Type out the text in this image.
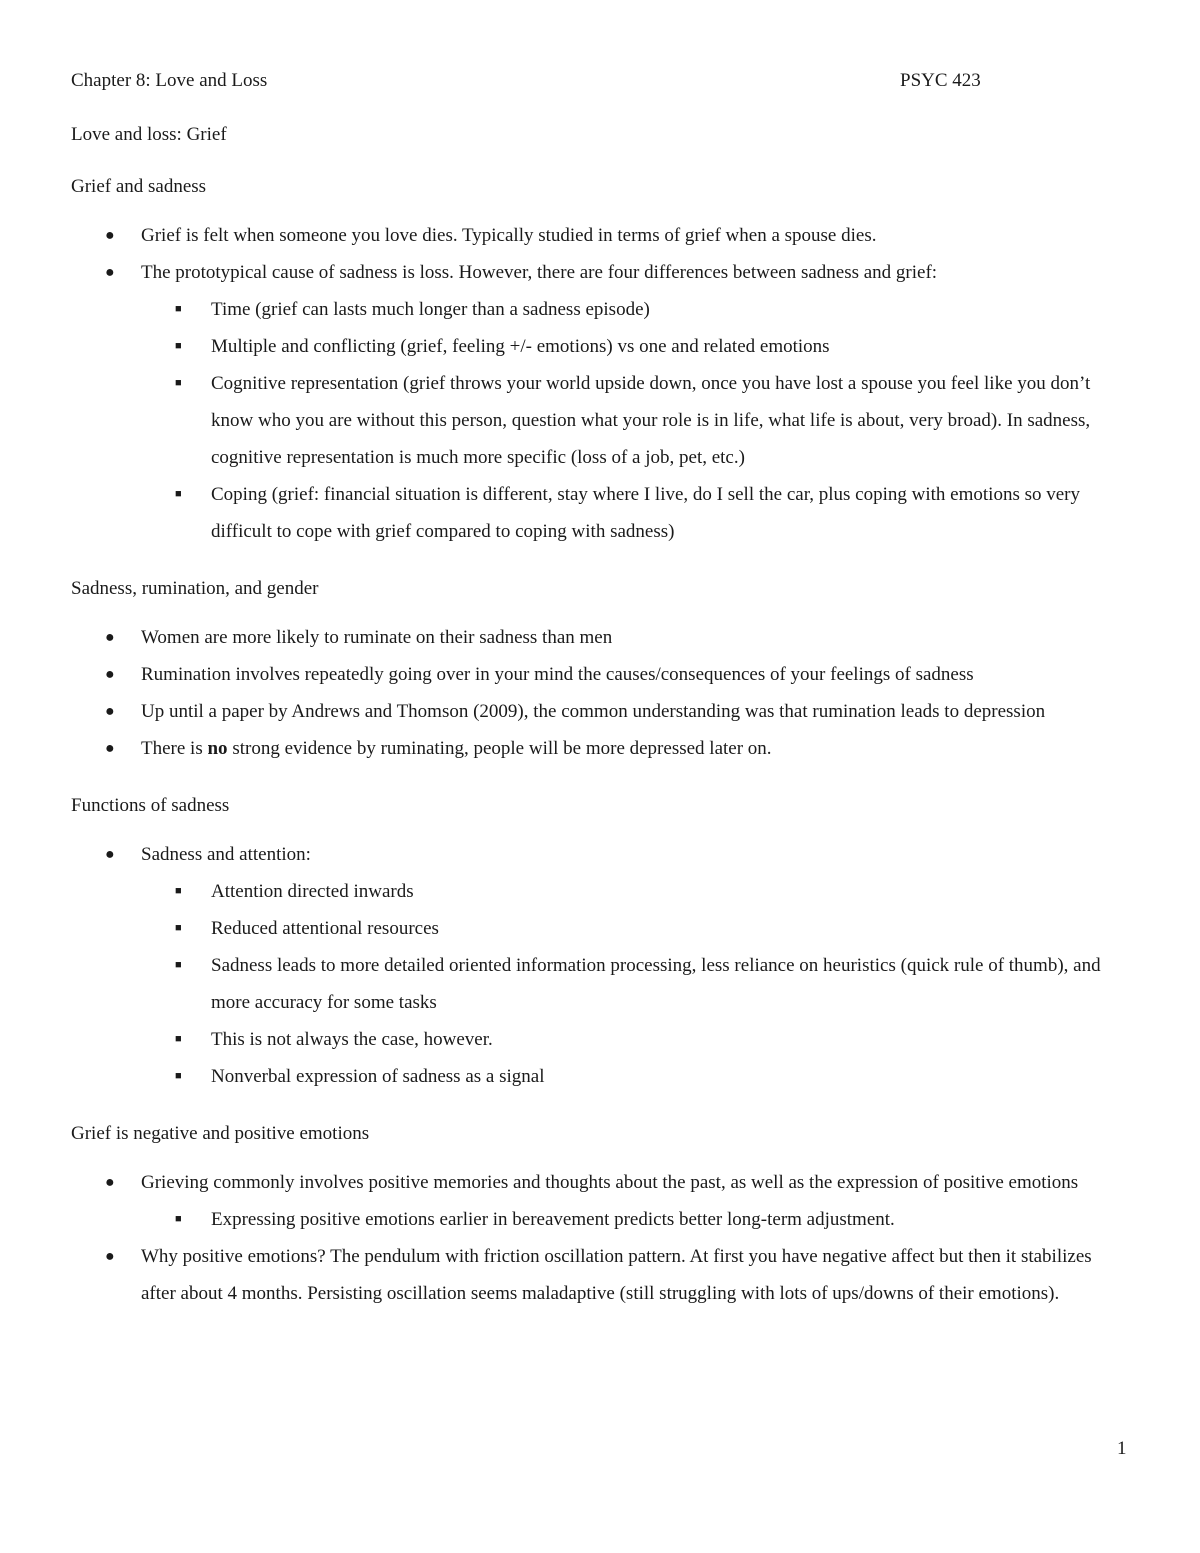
Chapter 8: Love and Loss	PSYC 423

Love and loss: Grief

Grief and sadness

● Grief is felt when someone you love dies. Typically studied in terms of grief when a spouse dies.
● The prototypical cause of sadness is loss. However, there are four differences between sadness and grief:
■ Time (grief can lasts much longer than a sadness episode)
■ Multiple and conflicting (grief, feeling +/- emotions) vs one and related emotions
■ Cognitive representation (grief throws your world upside down, once you have lost a spouse you feel like you don’t know who you are without this person, question what your role is in life, what life is about, very broad). In sadness, cognitive representation is much more specific (loss of a job, pet, etc.)
■ Coping (grief: financial situation is different, stay where I live, do I sell the car, plus coping with emotions so very difficult to cope with grief compared to coping with sadness)

Sadness, rumination, and gender

● Women are more likely to ruminate on their sadness than men
● Rumination involves repeatedly going over in your mind the causes/consequences of your feelings of sadness
● Up until a paper by Andrews and Thomson (2009), the common understanding was that rumination leads to depression
● There is no strong evidence by ruminating, people will be more depressed later on.

Functions of sadness

● Sadness and attention:
■ Attention directed inwards
■ Reduced attentional resources
■ Sadness leads to more detailed oriented information processing, less reliance on heuristics (quick rule of thumb), and more accuracy for some tasks
■ This is not always the case, however.
■ Nonverbal expression of sadness as a signal

Grief is negative and positive emotions

● Grieving commonly involves positive memories and thoughts about the past, as well as the expression of positive emotions
■ Expressing positive emotions earlier in bereavement predicts better long-term adjustment.
● Why positive emotions? The pendulum with friction oscillation pattern. At first you have negative affect but then it stabilizes after about 4 months. Persisting oscillation seems maladaptive (still struggling with lots of ups/downs of their emotions).
1
